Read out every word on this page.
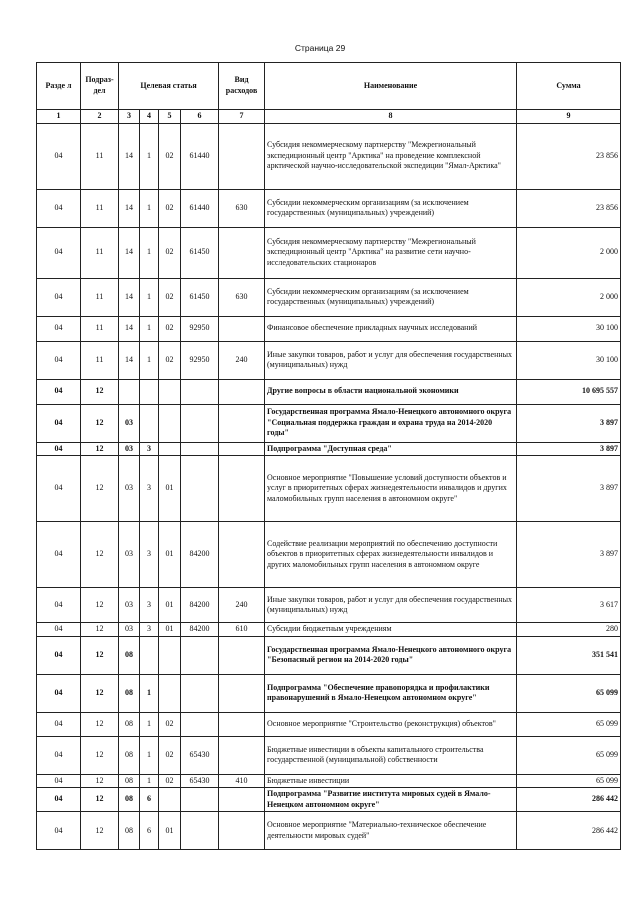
Страница 29
Разде л	Подраз- дел	Целевая статья				Вид расходов	Наименование	Сумма
1	2	3	4	5	6	7	8	9
04	11	14	1	02	61440		Субсидия некоммерческому партнерству "Межрегиональный экспедиционный центр "Арктика" на проведение комплексной арктической научно-исследовательской экспедиции "Ямал-Арктика"	23 856
04	11	14	1	02	61440	630	Субсидии некоммерческим организациям (за исключением государственных (муниципальных) учреждений)	23 856
04	11	14	1	02	61450		Субсидия некоммерческому партнерству "Межрегиональный экспедиционный центр "Арктика" на развитие сети научно-исследовательских стационаров	2 000
04	11	14	1	02	61450	630	Субсидии некоммерческим организациям (за исключением государственных (муниципальных) учреждений)	2 000
04	11	14	1	02	92950		Финансовое обеспечение прикладных научных исследований	30 100
04	11	14	1	02	92950	240	Иные закупки товаров, работ и услуг для обеспечения государственных (муниципальных) нужд	30 100
04	12						Другие вопросы в области национальной экономики	10 695 557
04	12	03					Государственная программа Ямало-Ненецкого автономного округа "Социальная поддержка граждан и охрана труда на 2014-2020 годы"	3 897
04	12	03	3				Подпрограмма "Доступная среда"	3 897
04	12	03	3	01			Основное мероприятие "Повышение условий доступности объектов и услуг в приоритетных сферах жизнедеятельности инвалидов и других маломобильных групп населения в автономном округе"	3 897
04	12	03	3	01	84200		Содействие реализации мероприятий по обеспечению доступности объектов в приоритетных сферах жизнедеятельности инвалидов и других маломобильных групп населения в автономном округе	3 897
04	12	03	3	01	84200	240	Иные закупки товаров, работ и услуг для обеспечения государственных (муниципальных) нужд	3 617
04	12	03	3	01	84200	610	Субсидии бюджетным учреждениям	280
04	12	08					Государственная программа Ямало-Ненецкого автономного округа "Безопасный регион на 2014-2020 годы"	351 541
04	12	08	1				Подпрограмма "Обеспечение правопорядка и профилактики правонарушений в Ямало-Ненецком автономном округе"	65 099
04	12	08	1	02			Основное мероприятие "Строительство (реконструкция) объектов"	65 099
04	12	08	1	02	65430		Бюджетные инвестиции в объекты капитального строительства государственной (муниципальной) собственности	65 099
04	12	08	1	02	65430	410	Бюджетные инвестиции	65 099
04	12	08	6				Подпрограмма "Развитие института мировых судей в Ямало-Ненецком автономном округе"	286 442
04	12	08	6	01			Основное мероприятие "Материально-техническое обеспечение деятельности мировых судей"	286 442
